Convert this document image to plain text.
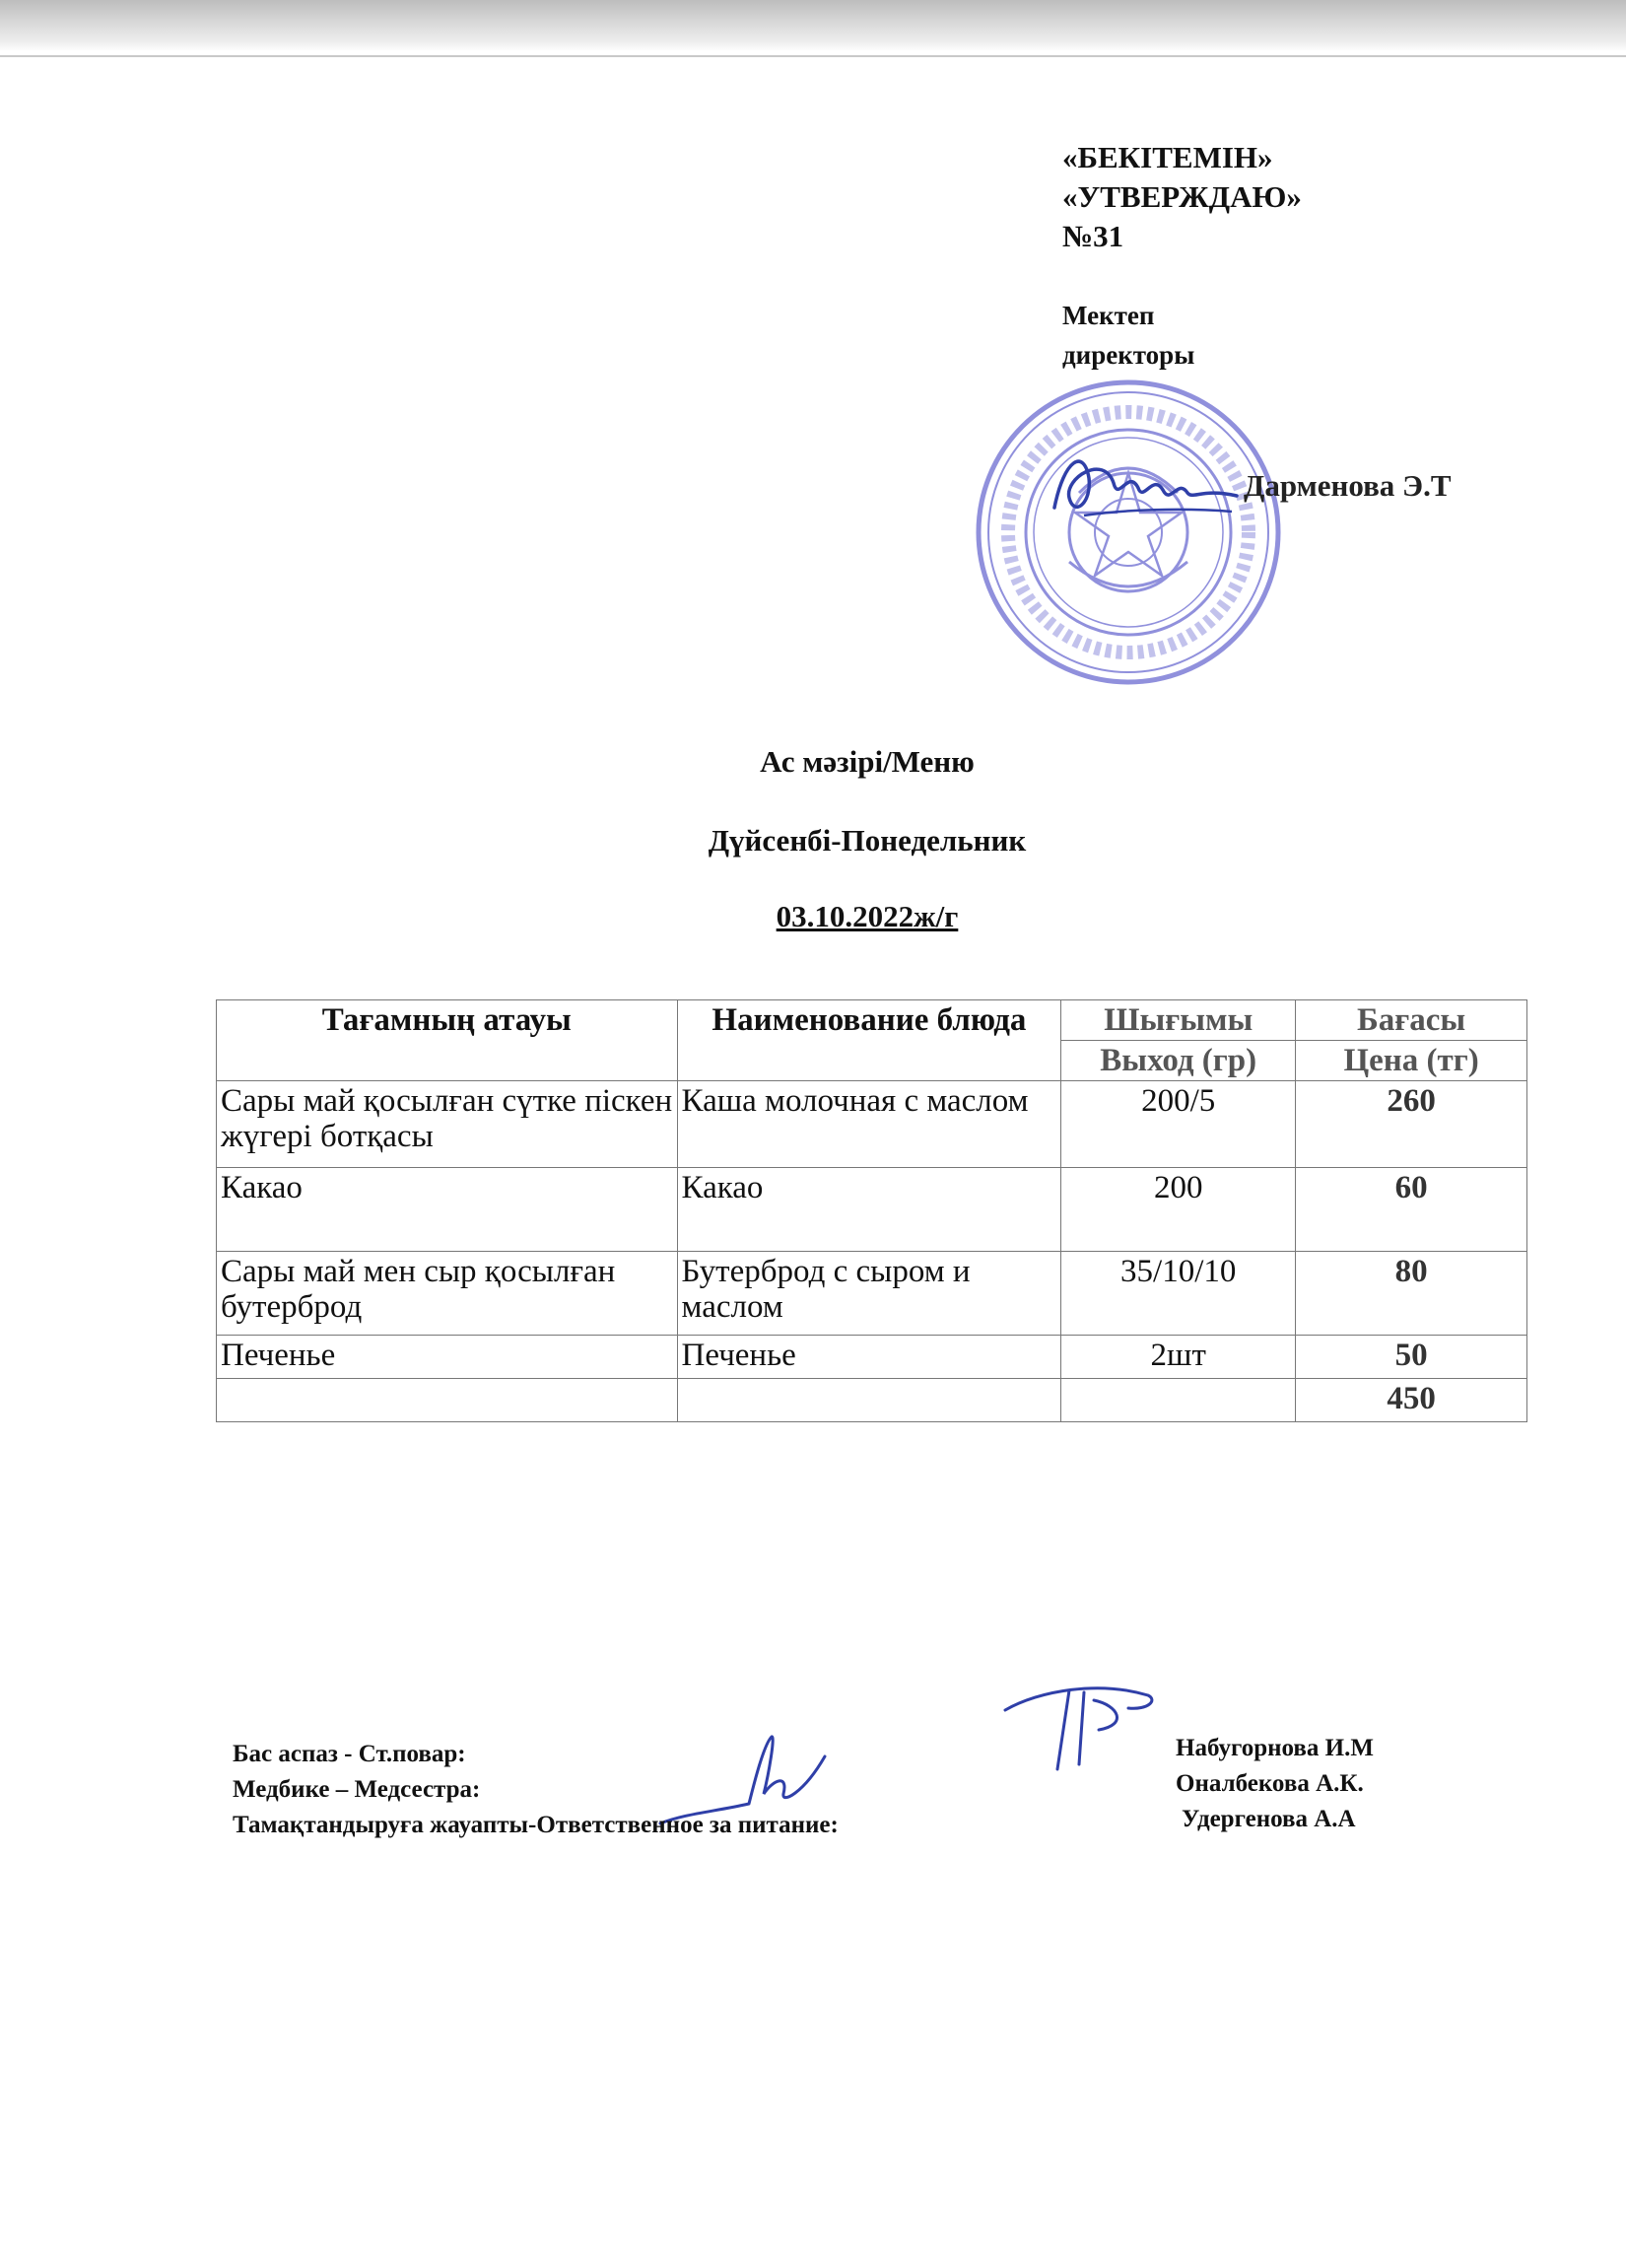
«БЕКІТЕМІН»
«УТВЕРЖДАЮ»
№31
Мектеп
директоры
Дарменова Э.Т
Ас мәзірі/Меню
Дүйсенбі-Понедельник
03.10.2022ж/г
Тағамның атауы	Наименование блюда	Шығымы	Бағасы
		Выход (гр)	Цена (тг)
Сары май қосылған сүтке піскен жүгері ботқасы	Каша молочная с маслом	200/5	260
Какао	Какао	200	60
Сары май мен сыр қосылған бутерброд	Бутерброд с сыром и маслом	35/10/10	80
Печенье	Печенье	2шт	50
			450
Бас аспаз - Ст.повар:
Медбике – Медсестра:
Тамақтандыруға жауапты-Ответственное за питание:
Набугорнова И.М
Оналбекова А.К.
Удергенова А.А
